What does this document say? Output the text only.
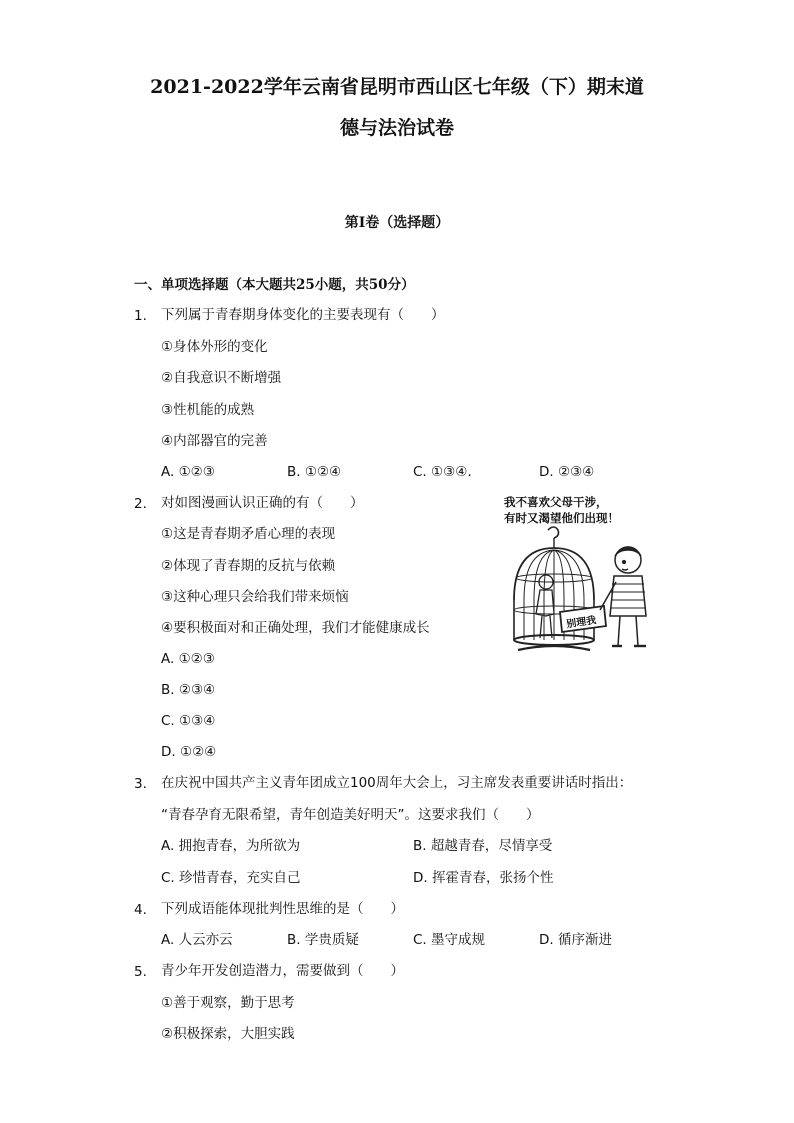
2021-2022学年云南省昆明市西山区七年级（下）期末道
德与法治试卷
第I卷（选择题）
一、单项选择题（本大题共25小题，共50分）
1. 下列属于青春期身体变化的主要表现有（　　）
①身体外形的变化
②自我意识不断增强
③性机能的成熟
④内部器官的完善
A. ①②③	B. ①②④	C. ①③④.	D. ②③④
2. 对如图漫画认识正确的有（　　）
①这是青春期矛盾心理的表现
②体现了青春期的反抗与依赖
③这种心理只会给我们带来烦恼
④要积极面对和正确处理，我们才能健康成长
A. ①②③
B. ②③④
C. ①③④
D. ①②④
我不喜欢父母干涉，
有时又渴望他们出现！
别理我
3. 在庆祝中国共产主义青年团成立100周年大会上，习主席发表重要讲话时指出：
“青春孕育无限希望，青年创造美好明天”。这要求我们（　　）
A. 拥抱青春，为所欲为	B. 超越青春，尽情享受
C. 珍惜青春，充实自己	D. 挥霍青春，张扬个性
4. 下列成语能体现批判性思维的是（　　）
A. 人云亦云	B. 学贵质疑	C. 墨守成规	D. 循序渐进
5. 青少年开发创造潜力，需要做到（　　）
①善于观察，勤于思考
②积极探索，大胆实践
